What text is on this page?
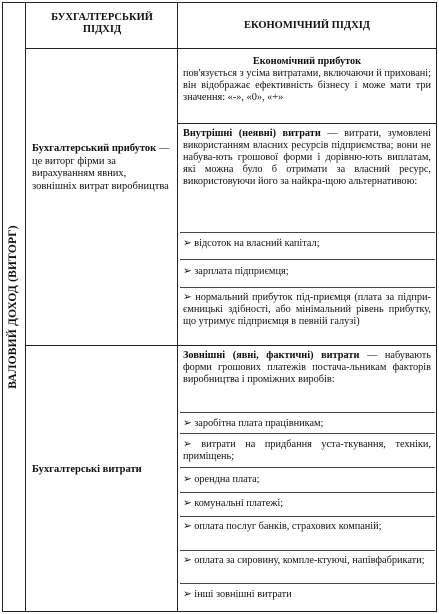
ВАЛОВИЙ ДОХОД (ВИТОРГ)
БУХГАЛТЕРСЬКИЙ ПІДХІД	ЕКОНОМІЧНИЙ ПІДХІД
Економічний прибуток
пов'язується з усіма витратами, включаючи й приховані; він відображає ефективність бізнесу і може мати три значення: «-», «0», «+»
Бухгалтерський прибуток — це виторг фірми за вирахуванням явних, зовнішніх витрат виробництва
Внутрішні (неявні) витрати — витрати, зумовлені використанням власних ресурсів підприємства; вони не набува-ють грошової форми і дорівню-ють виплатам, які можна було б отримати за власний ресурс, використовуючи його за найкра-щою альтернативою:
➢ відсоток на власний капітал;
➢ зарплата підприємця;
➢ нормальний прибуток під-приємця (плата за підпри-ємницькі здібності, або мінімальний рівень прибутку, що утримує підприємця в певній галузі)
Бухгалтерські витрати
Зовнішні (явні, фактичні) витрати — набувають форми грошових платежів постача-льникам факторів виробництва і проміжних виробів:
➢ заробітна плата працівникам;
➢ витрати на придбання уста-ткування, техніки, приміщень;
➢ орендна плата;
➢ комунальні платежі;
➢ оплата послуг банків, страхових компаній;
➢ оплата за сировину, компле-ктуючі, напівфабрикати;
➢ інші зовнішні витрати
